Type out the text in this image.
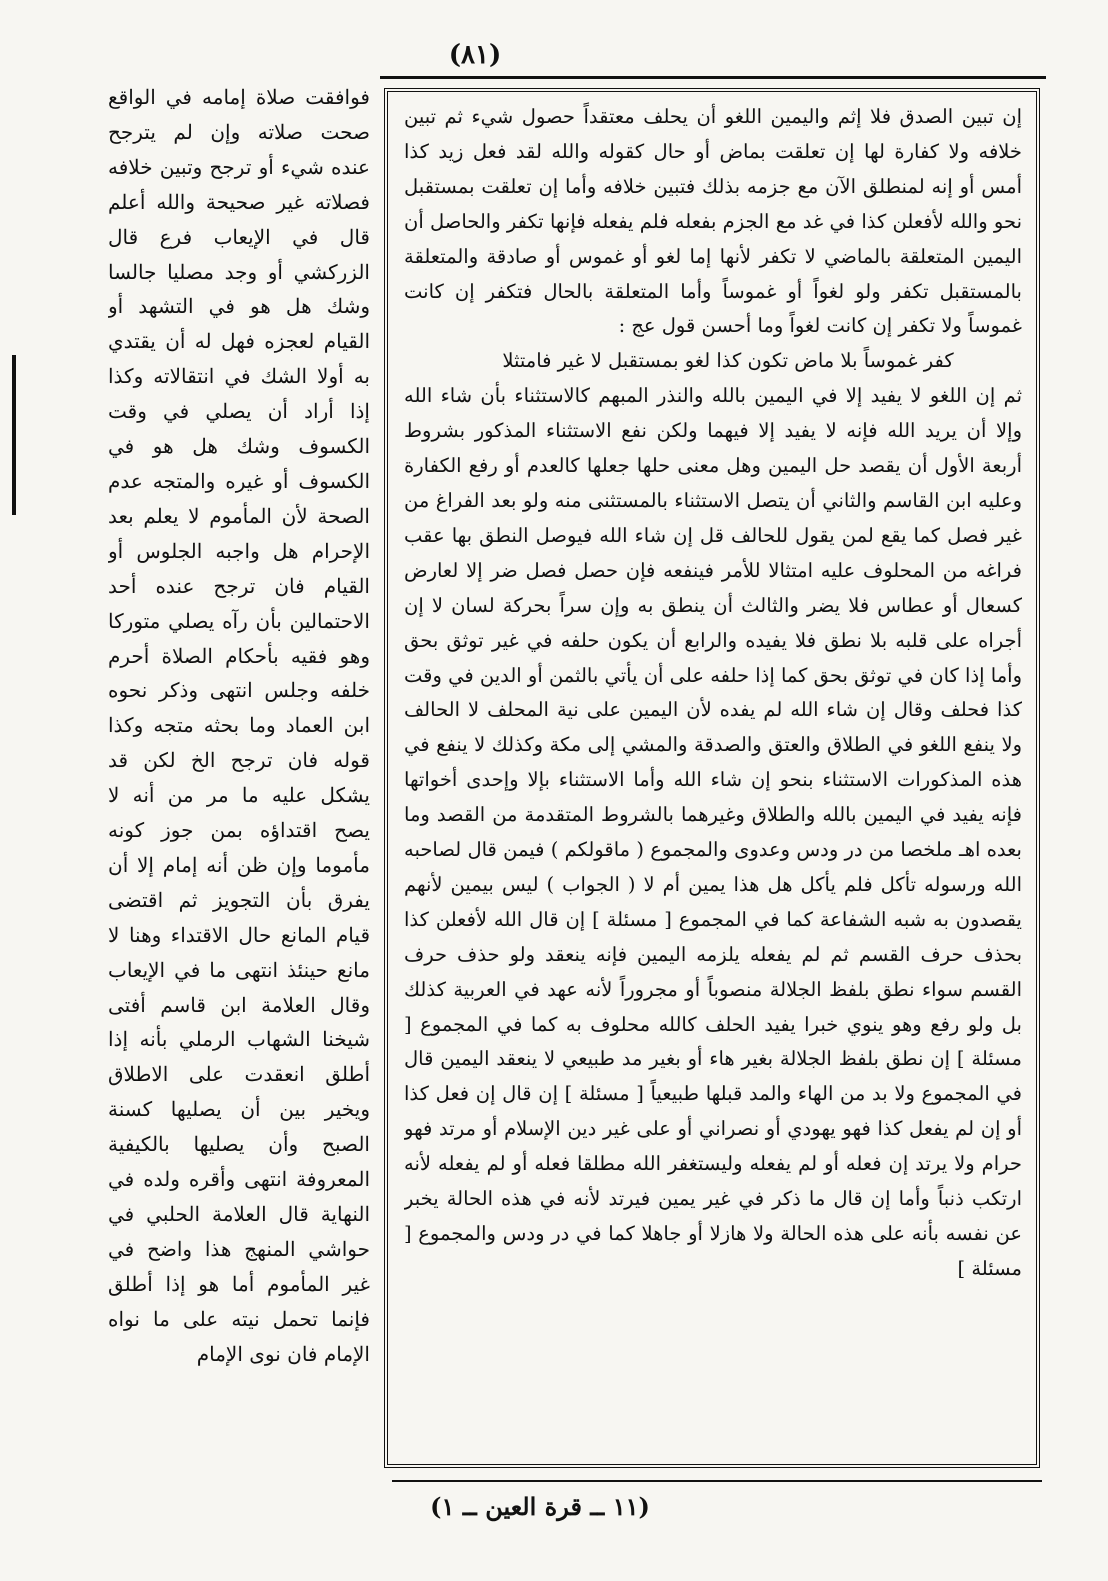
(٨١)

فوافقت صلاة إمامه في الواقع صحت صلاته وإن لم يترجح عنده شيء أو ترجح وتبين خلافه فصلاته غير صحيحة والله أعلم قال في الإيعاب فرع قال الزركشي أو وجد مصليا جالسا وشك هل هو في التشهد أو القيام لعجزه فهل له أن يقتدي به أولا الشك في انتقالاته وكذا إذا أراد أن يصلي في وقت الكسوف وشك هل هو في الكسوف أو غيره والمتجه عدم الصحة لأن المأموم لا يعلم بعد الإحرام هل واجبه الجلوس أو القيام فان ترجح عنده أحد الاحتمالين بأن رآه يصلي متوركا وهو فقيه بأحكام الصلاة أحرم خلفه وجلس انتهى وذكر نحوه ابن العماد وما بحثه متجه وكذا قوله فان ترجح الخ لكن قد يشكل عليه ما مر من أنه لا يصح اقتداؤه بمن جوز كونه مأموما وإن ظن أنه إمام إلا أن يفرق بأن التجويز ثم اقتضى قيام المانع حال الاقتداء وهنا لا مانع حينئذ انتهى ما في الإيعاب وقال العلامة ابن قاسم أفتى شيخنا الشهاب الرملي بأنه إذا أطلق انعقدت على الاطلاق ويخير بين أن يصليها كسنة الصبح وأن يصليها بالكيفية المعروفة انتهى وأقره ولده في النهاية قال العلامة الحلبي في حواشي المنهج هذا واضح في غير المأموم أما هو إذا أطلق فإنما تحمل نيته على ما نواه الإمام فان نوى الإمام

إن تبين الصدق فلا إثم واليمين اللغو أن يحلف معتقداً حصول شيء ثم تبين خلافه ولا كفارة لها إن تعلقت بماض أو حال كقوله والله لقد فعل زيد كذا أمس أو إنه لمنطلق الآن مع جزمه بذلك فتبين خلافه وأما إن تعلقت بمستقبل نحو والله لأفعلن كذا في غد مع الجزم بفعله فلم يفعله فإنها تكفر والحاصل أن اليمين المتعلقة بالماضي لا تكفر لأنها إما لغو أو غموس أو صادقة والمتعلقة بالمستقبل تكفر ولو لغواً أو غموساً وأما المتعلقة بالحال فتكفر إن كانت غموساً ولا تكفر إن كانت لغواً وما أحسن قول عج :

كفر غموساً بلا ماض تكون كذا لغو بمستقبل لا غير فامتثلا

ثم إن اللغو لا يفيد إلا في اليمين بالله والنذر المبهم كالاستثناء بأن شاء الله وإلا أن يريد الله فإنه لا يفيد إلا فيهما ولكن نفع الاستثناء المذكور بشروط أربعة الأول أن يقصد حل اليمين وهل معنى حلها جعلها كالعدم أو رفع الكفارة وعليه ابن القاسم والثاني أن يتصل الاستثناء بالمستثنى منه ولو بعد الفراغ من غير فصل كما يقع لمن يقول للحالف قل إن شاء الله فيوصل النطق بها عقب فراغه من المحلوف عليه امتثالا للأمر فينفعه فإن حصل فصل ضر إلا لعارض كسعال أو عطاس فلا يضر والثالث أن ينطق به وإن سراً بحركة لسان لا إن أجراه على قلبه بلا نطق فلا يفيده والرابع أن يكون حلفه في غير توثق بحق وأما إذا كان في توثق بحق كما إذا حلفه على أن يأتي بالثمن أو الدين في وقت كذا فحلف وقال إن شاء الله لم يفده لأن اليمين على نية المحلف لا الحالف ولا ينفع اللغو في الطلاق والعتق والصدقة والمشي إلى مكة وكذلك لا ينفع في هذه المذكورات الاستثناء بنحو إن شاء الله وأما الاستثناء بإلا وإحدى أخواتها فإنه يفيد في اليمين بالله والطلاق وغيرهما بالشروط المتقدمة من القصد وما بعده اهـ ملخصا من در ودس وعدوى والمجموع ( ماقولكم ) فيمن قال لصاحبه الله ورسوله تأكل فلم يأكل هل هذا يمين أم لا ( الجواب ) ليس بيمين لأنهم يقصدون به شبه الشفاعة كما في المجموع [ مسئلة ] إن قال الله لأفعلن كذا بحذف حرف القسم ثم لم يفعله يلزمه اليمين فإنه ينعقد ولو حذف حرف القسم سواء نطق بلفظ الجلالة منصوباً أو مجروراً لأنه عهد في العربية كذلك بل ولو رفع وهو ينوي خبرا يفيد الحلف كالله محلوف به كما في المجموع [ مسئلة ] إن نطق بلفظ الجلالة بغير هاء أو بغير مد طبيعي لا ينعقد اليمين قال في المجموع ولا بد من الهاء والمد قبلها طبيعياً [ مسئلة ] إن قال إن فعل كذا أو إن لم يفعل كذا فهو يهودي أو نصراني أو على غير دين الإسلام أو مرتد فهو حرام ولا يرتد إن فعله أو لم يفعله وليستغفر الله مطلقا فعله أو لم يفعله لأنه ارتكب ذنباً وأما إن قال ما ذكر في غير يمين فيرتد لأنه في هذه الحالة يخبر عن نفسه بأنه على هذه الحالة ولا هازلا أو جاهلا كما في در ودس والمجموع [ مسئلة ]

(١١ ــ قرة العين ــ ١)
